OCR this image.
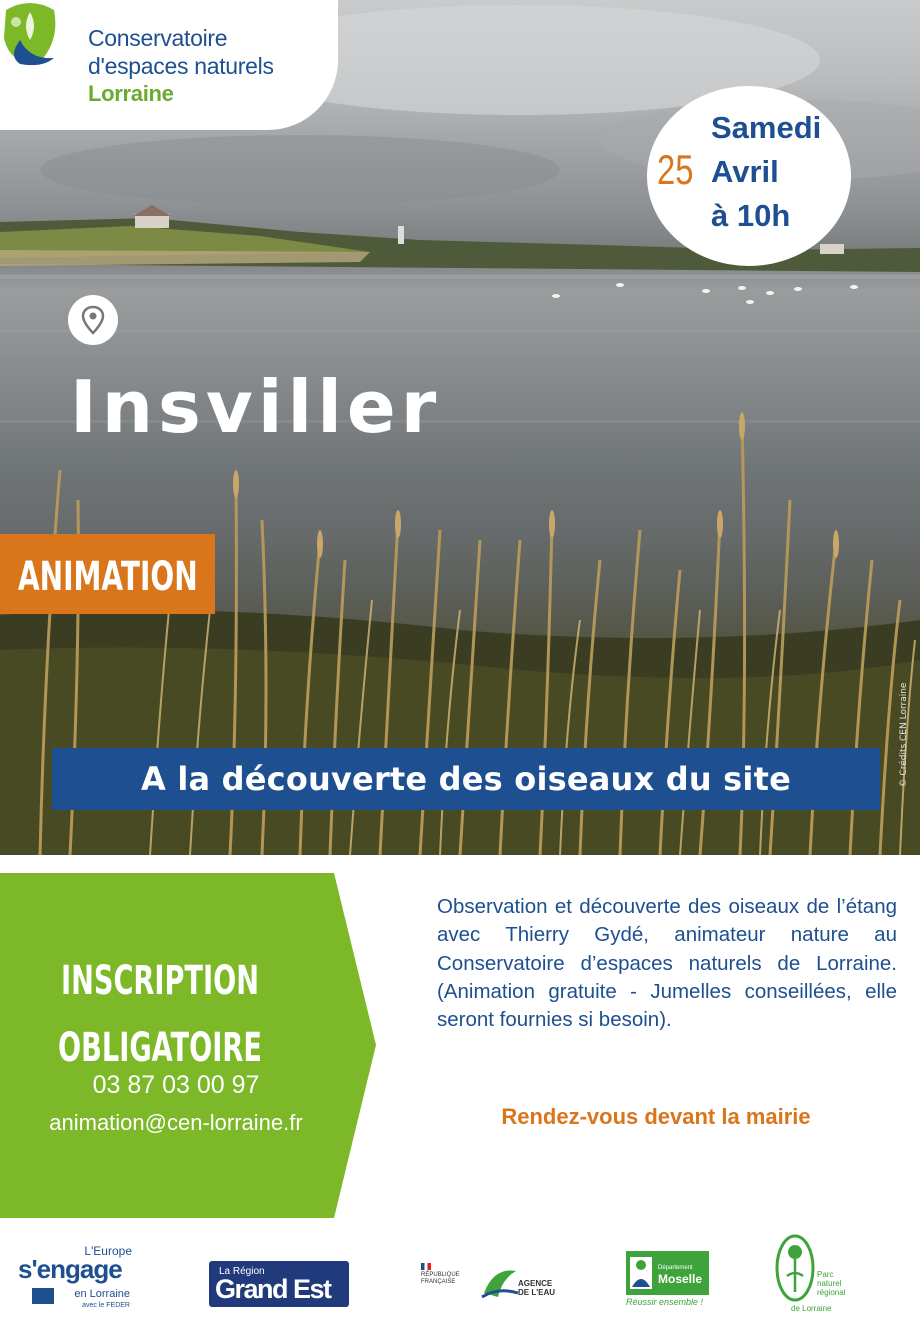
Conservatoire
d'espaces naturels
Lorraine
25
Samedi
Avril
à 10h
Insviller
ANIMATION
© Crédits CEN Lorraine
A la découverte des oiseaux du site
INSCRIPTION
OBLIGATOIRE
03 87 03 00 97
animation@cen-lorraine.fr
Observation et découverte des oiseaux de l’étang avec Thierry Gydé, animateur nature au Conservatoire d’espaces naturels de Lorraine. (Animation gratuite - Jumelles conseillées, elle seront fournies si besoin).
Rendez-vous devant la mairie
L'Europe
s'engage
en Lorraine
avec le FEDER
La Région
Grand Est	RÉPUBLIQUE
FRANÇAISE	AGENCE
DE L'EAU
Département
Moselle
Réussir ensemble !
Parc
naturel
régional
de Lorraine
